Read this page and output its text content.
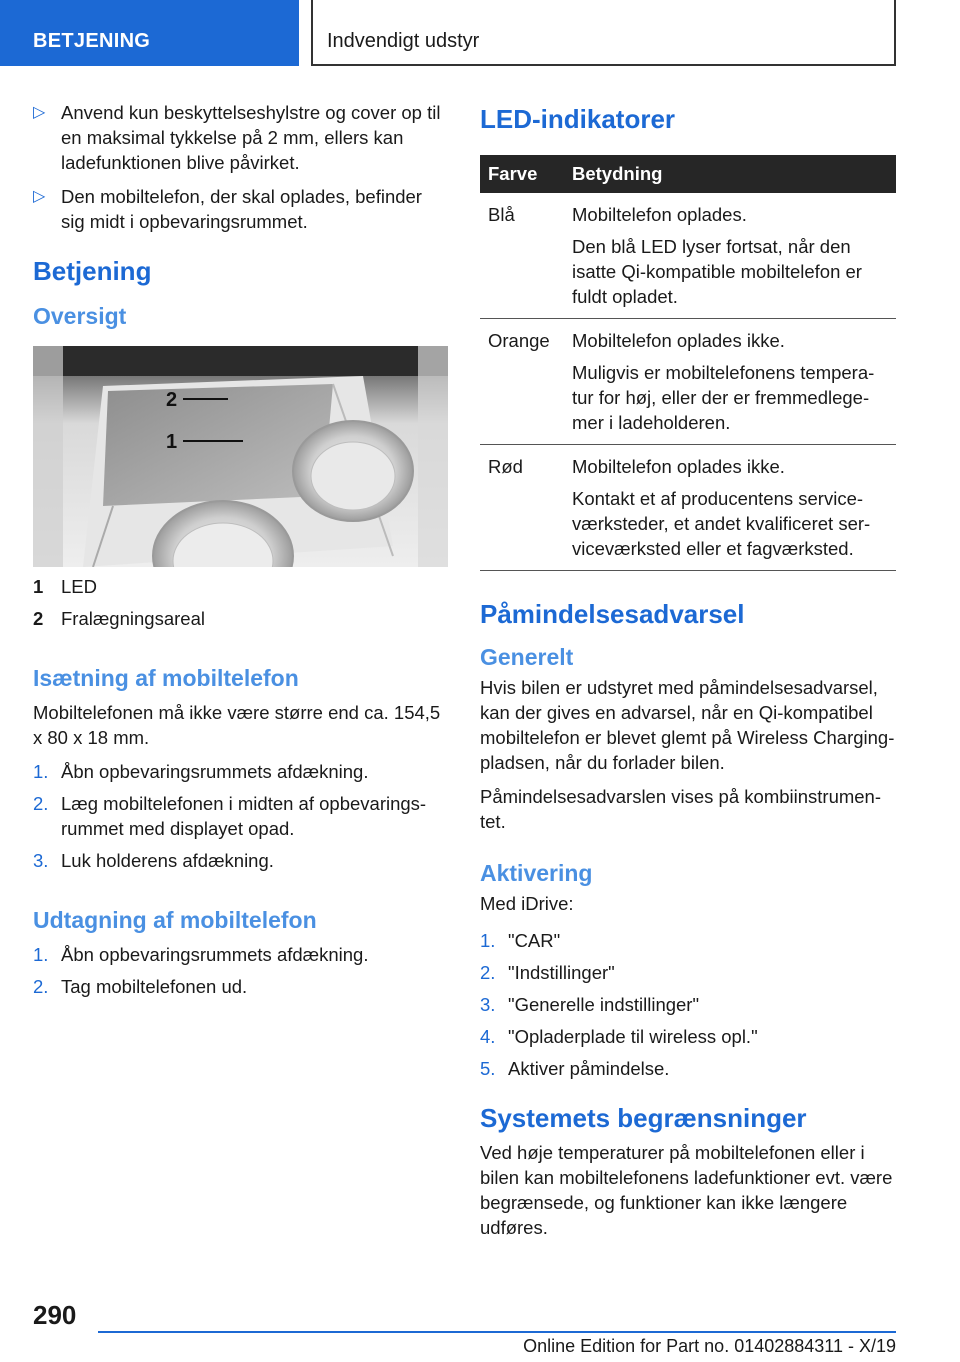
BETJENING	Indvendigt udstyr
▷ Anvend kun beskyttelseshylstre og cover op til en maksimal tykkelse på 2 mm, ellers kan ladefunktionen blive påvirket.
▷ Den mobiltelefon, der skal oplades, befinder sig midt i opbevaringsrummet.
Betjening
Oversigt
2
1
1 LED
2 Fralægningsareal
Isætning af mobiltelefon

Mobiltelefonen må ikke være større end ca. 154,5 x 80 x 18 mm.

1. Åbn opbevaringsrummets afdækning.
2. Læg mobiltelefonen i midten af opbevaringsrummet med displayet opad.
3. Luk holderens afdækning.
Udtagning af mobiltelefon
1. Åbn opbevaringsrummets afdækning.
2. Tag mobiltelefonen ud.
LED-indikatorer
Farve	Betydning
Blå	Mobiltelefon oplades.

Den blå LED lyser fortsat, når den isatte Qi-kompatible mobiltelefon er fuldt opladet.

Orange	Mobiltelefon oplades ikke.

Muligvis er mobiltelefonens temperatur for høj, eller der er fremmedlegemer i ladeholderen.

Rød	Mobiltelefon oplades ikke.

Kontakt et af producentens serviceværksteder, et andet kvalificeret serviceværksted eller et fagværksted.

Påmindelsesadvarsel
Generelt

Hvis bilen er udstyret med påmindelsesadvarsel, kan der gives en advarsel, når en Qi-kompatibel mobiltelefon er blevet glemt på Wireless Charging-pladsen, når du forlader bilen.

Påmindelsesadvarslen vises på kombiinstrumentet.

Aktivering

Med iDrive:

1. "CAR"
2. "Indstillinger"
3. "Generelle indstillinger"
4. "Opladerplade til wireless opl."
5. Aktiver påmindelse.
Systemets begrænsninger

Ved høje temperaturer på mobiltelefonen eller i bilen kan mobiltelefonens ladefunktioner evt. være begrænsede, og funktioner kan ikke længere udføres.

290
Online Edition for Part no. 01402884311 - X/19
